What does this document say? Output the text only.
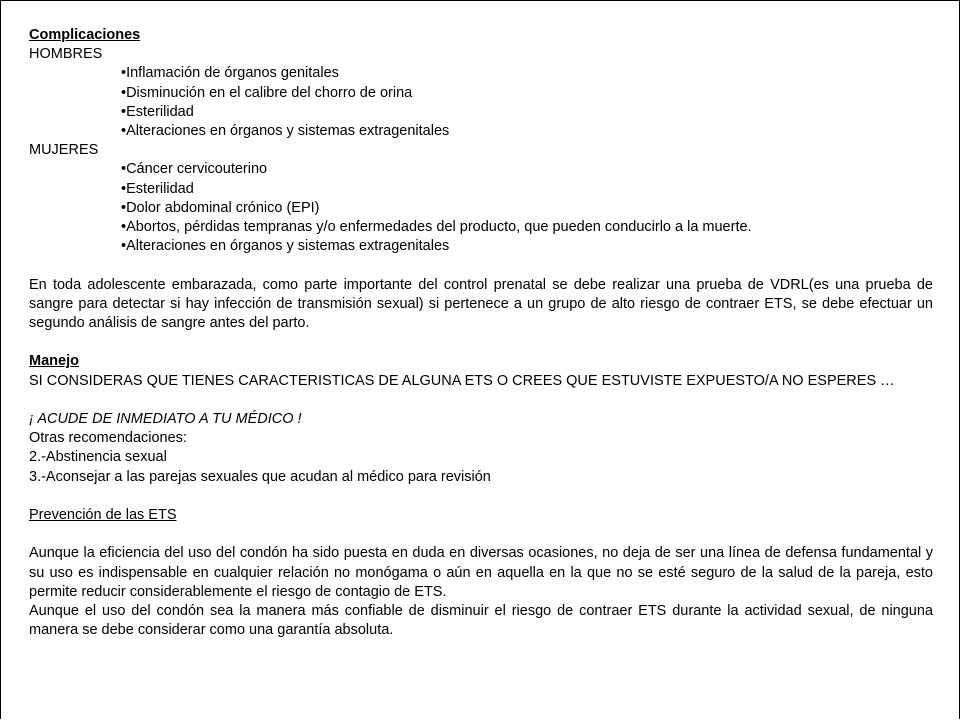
Complicaciones

HOMBRES

•Inflamación de órganos genitales

•Disminución en el calibre del chorro de orina

•Esterilidad

•Alteraciones en órganos y sistemas extragenitales

MUJERES

•Cáncer cervicouterino

•Esterilidad

•Dolor abdominal crónico (EPI)

•Abortos, pérdidas tempranas y/o enfermedades del producto, que pueden conducirlo a la muerte.

•Alteraciones en órganos y sistemas extragenitales

En toda adolescente embarazada, como parte importante del control prenatal se debe realizar una prueba de VDRL(es una prueba de sangre para detectar si hay infección de transmisión sexual) si pertenece a un grupo de alto riesgo de contraer ETS, se debe efectuar un segundo análisis de sangre antes del parto.

Manejo

SI CONSIDERAS QUE TIENES CARACTERISTICAS DE ALGUNA ETS O CREES QUE ESTUVISTE EXPUESTO/A NO ESPERES …

¡ ACUDE DE INMEDIATO A TU MÉDICO !

Otras recomendaciones:

2.-Abstinencia sexual

3.-Aconsejar a las parejas sexuales que acudan al médico para revisión

Prevención de las ETS

Aunque la eficiencia del uso del condón ha sido puesta en duda en diversas ocasiones, no deja de ser una línea de defensa fundamental y su uso es indispensable en cualquier relación no monógama o aún en aquella en la que no se esté seguro de la salud de la pareja, esto permite reducir considerablemente el riesgo de contagio de ETS.

Aunque el uso del condón sea la manera más confiable de disminuir el riesgo de contraer ETS durante la actividad sexual, de ninguna manera se debe considerar como una garantía absoluta.
